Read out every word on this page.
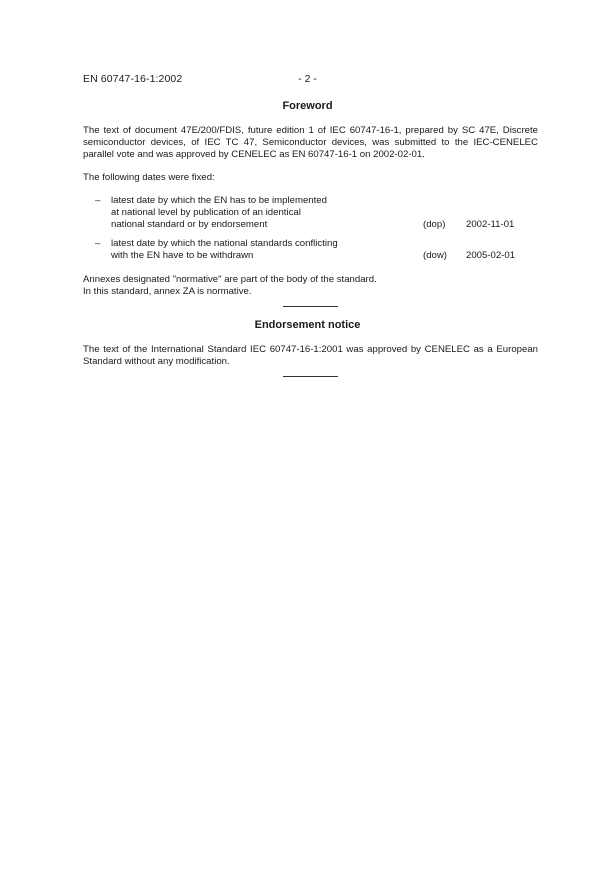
EN 60747-16-1:2002	- 2 -
Foreword
The text of document 47E/200/FDIS, future edition 1 of IEC 60747-16-1, prepared by SC 47E, Discrete semiconductor devices, of IEC TC 47, Semiconductor devices, was submitted to the IEC-CENELEC parallel vote and was approved by CENELEC as EN 60747-16-1 on 2002-02-01.
The following dates were fixed:
– latest date by which the EN has to be implemented
at national level by publication of an identical
national standard or by endorsement	(dop)	2002-11-01
– latest date by which the national standards conflicting
with the EN have to be withdrawn	(dow)	2005-02-01
Annexes designated "normative" are part of the body of the standard.
In this standard, annex ZA is normative.
Endorsement notice
The text of the International Standard IEC 60747-16-1:2001 was approved by CENELEC as a European Standard without any modification.
